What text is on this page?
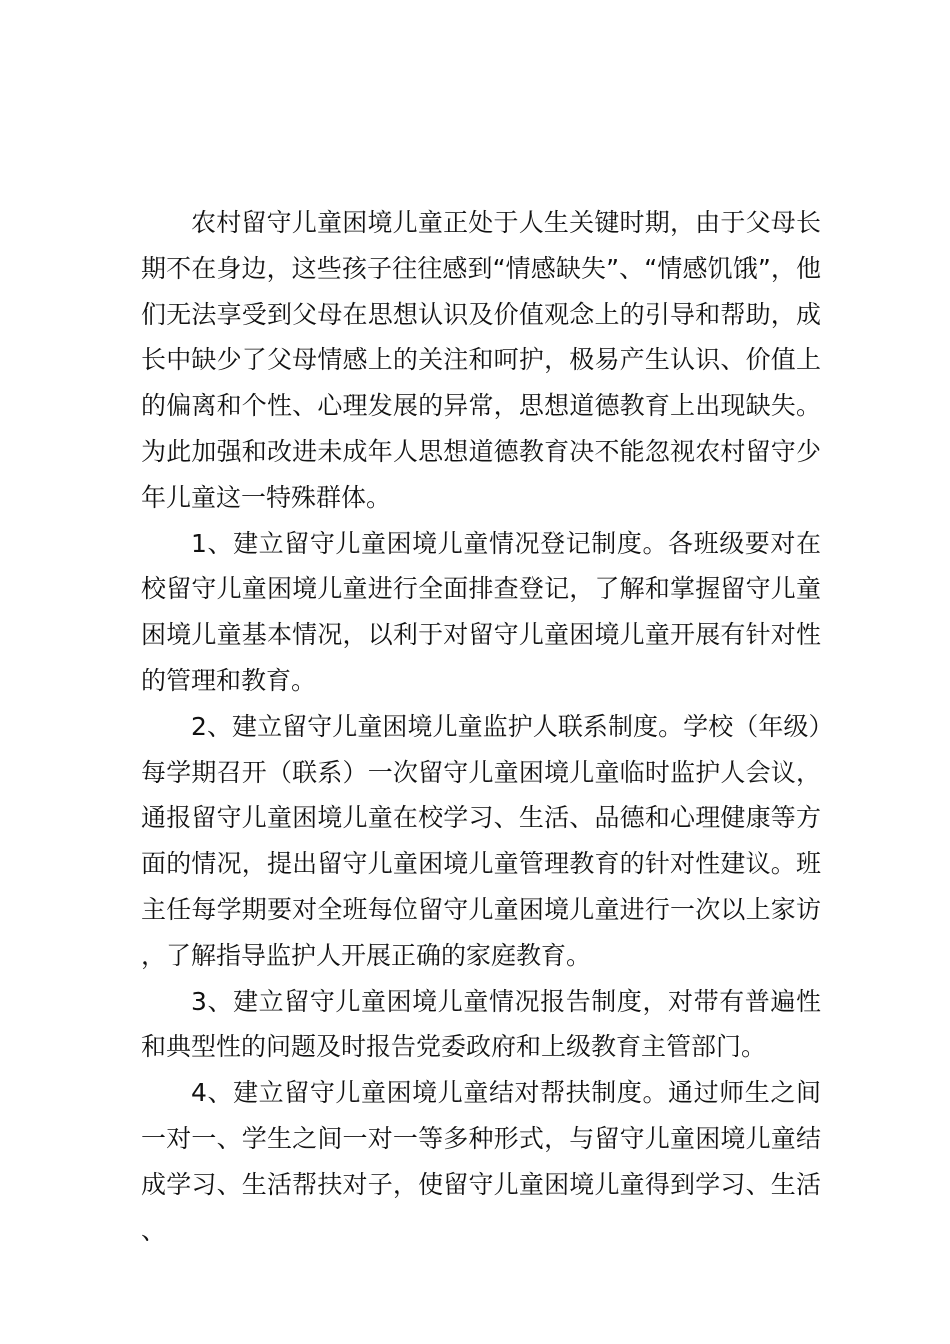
农村留守儿童困境儿童正处于人生关键时期，由于父母长期不在身边，这些孩子往往感到“情感缺失”、“情感饥饿”，他们无法享受到父母在思想认识及价值观念上的引导和帮助，成长中缺少了父母情感上的关注和呵护，极易产生认识、价值上的偏离和个性、心理发展的异常，思想道德教育上出现缺失。为此加强和改进未成年人思想道德教育决不能忽视农村留守少年儿童这一特殊群体。

1、建立留守儿童困境儿童情况登记制度。各班级要对在校留守儿童困境儿童进行全面排查登记，了解和掌握留守儿童困境儿童基本情况，以利于对留守儿童困境儿童开展有针对性的管理和教育。

2、建立留守儿童困境儿童监护人联系制度。学校（年级）每学期召开（联系）一次留守儿童困境儿童临时监护人会议，通报留守儿童困境儿童在校学习、生活、品德和心理健康等方面的情况，提出留守儿童困境儿童管理教育的针对性建议。班主任每学期要对全班每位留守儿童困境儿童进行一次以上家访，了解指导监护人开展正确的家庭教育。

3、建立留守儿童困境儿童情况报告制度，对带有普遍性和典型性的问题及时报告党委政府和上级教育主管部门。

4、建立留守儿童困境儿童结对帮扶制度。通过师生之间一对一、学生之间一对一等多种形式，与留守儿童困境儿童结成学习、生活帮扶对子，使留守儿童困境儿童得到学习、生活、
